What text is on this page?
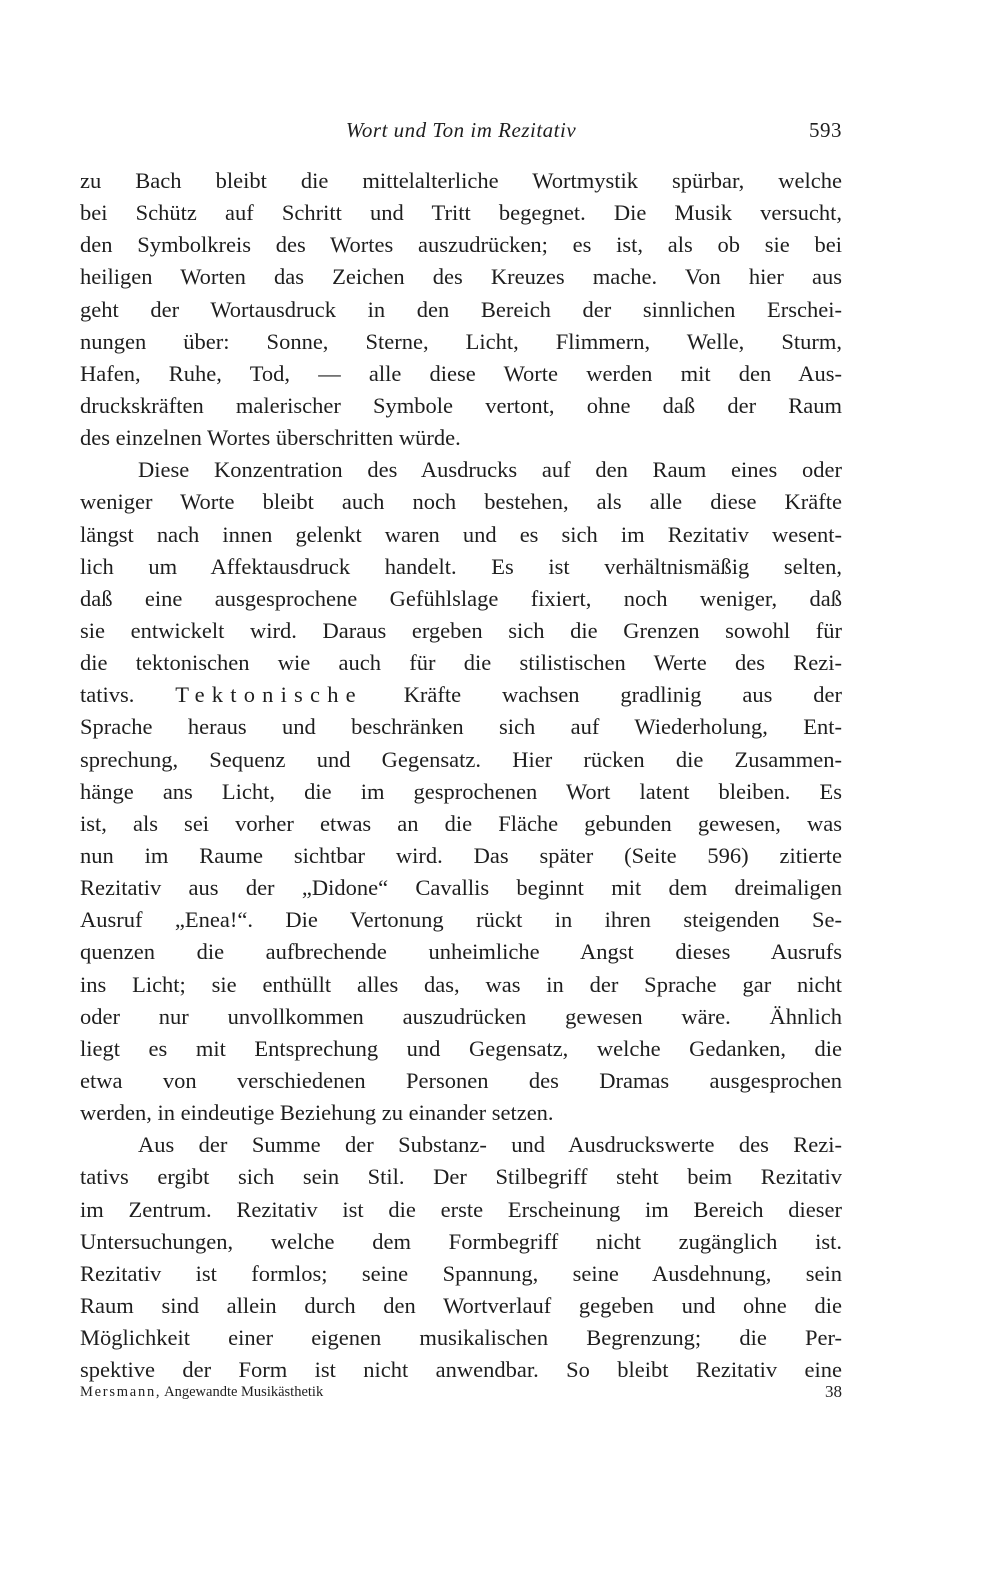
Wort und Ton im Rezitativ	593
zu Bach bleibt die mittelalterliche Wortmystik spürbar, welche
bei Schütz auf Schritt und Tritt begegnet. Die Musik versucht,
den Symbolkreis des Wortes auszudrücken; es ist, als ob sie bei
heiligen Worten das Zeichen des Kreuzes mache. Von hier aus
geht der Wortausdruck in den Bereich der sinnlichen Erschei-
nungen über: Sonne, Sterne, Licht, Flimmern, Welle, Sturm,
Hafen, Ruhe, Tod, — alle diese Worte werden mit den Aus-
druckskräften malerischer Symbole vertont, ohne daß der Raum
des einzelnen Wortes überschritten würde.
Diese Konzentration des Ausdrucks auf den Raum eines oder
weniger Worte bleibt auch noch bestehen, als alle diese Kräfte
längst nach innen gelenkt waren und es sich im Rezitativ wesent-
lich um Affektausdruck handelt. Es ist verhältnismäßig selten,
daß eine ausgesprochene Gefühlslage fixiert, noch weniger, daß
sie entwickelt wird. Daraus ergeben sich die Grenzen sowohl für
die tektonischen wie auch für die stilistischen Werte des Rezi-
tativs. Tektonische Kräfte wachsen gradlinig aus der
Sprache heraus und beschränken sich auf Wiederholung, Ent-
sprechung, Sequenz und Gegensatz. Hier rücken die Zusammen-
hänge ans Licht, die im gesprochenen Wort latent bleiben. Es
ist, als sei vorher etwas an die Fläche gebunden gewesen, was
nun im Raume sichtbar wird. Das später (Seite 596) zitierte
Rezitativ aus der „Didone“ Cavallis beginnt mit dem dreimaligen
Ausruf „Enea!“. Die Vertonung rückt in ihren steigenden Se-
quenzen die aufbrechende unheimliche Angst dieses Ausrufs
ins Licht; sie enthüllt alles das, was in der Sprache gar nicht
oder nur unvollkommen auszudrücken gewesen wäre. Ähnlich
liegt es mit Entsprechung und Gegensatz, welche Gedanken, die
etwa von verschiedenen Personen des Dramas ausgesprochen
werden, in eindeutige Beziehung zu einander setzen.
Aus der Summe der Substanz- und Ausdruckswerte des Rezi-
tativs ergibt sich sein Stil. Der Stilbegriff steht beim Rezitativ
im Zentrum. Rezitativ ist die erste Erscheinung im Bereich dieser
Untersuchungen, welche dem Formbegriff nicht zugänglich ist.
Rezitativ ist formlos; seine Spannung, seine Ausdehnung, sein
Raum sind allein durch den Wortverlauf gegeben und ohne die
Möglichkeit einer eigenen musikalischen Begrenzung; die Per-
spektive der Form ist nicht anwendbar. So bleibt Rezitativ eine
Mersmann, Angewandte Musikästhetik	38
